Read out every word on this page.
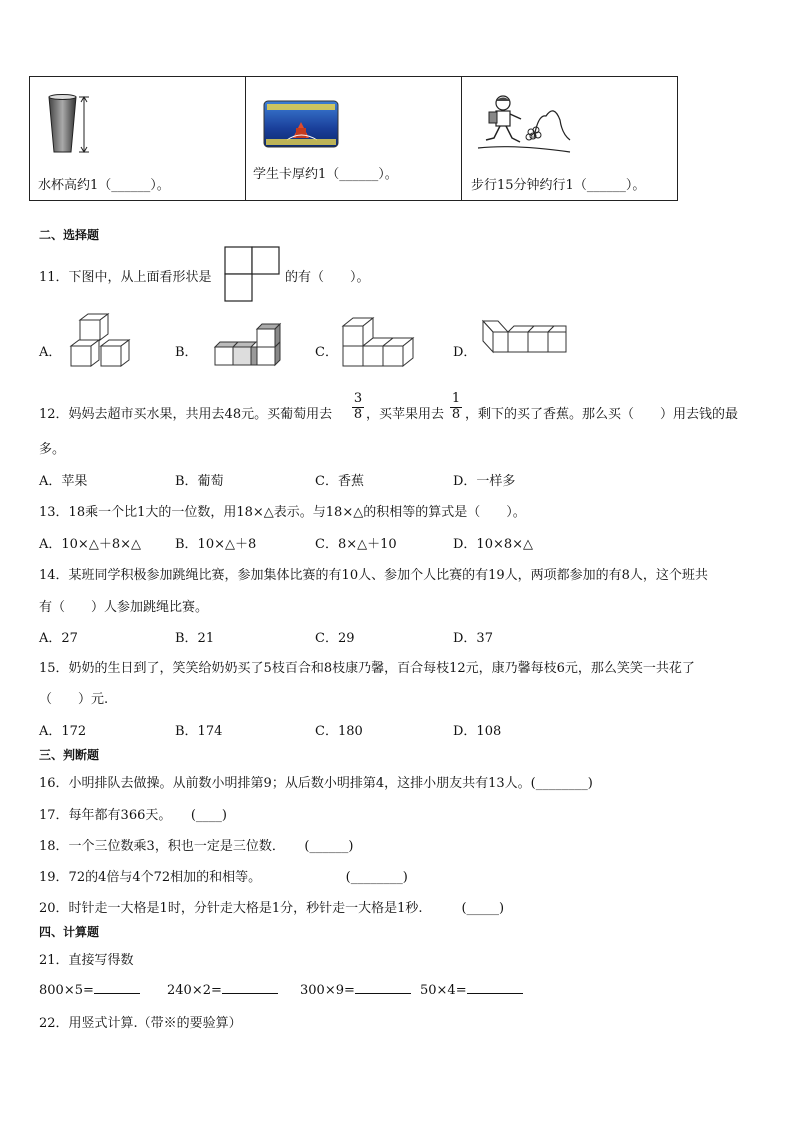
水杯高约1（______）。

学生卡厚约1（______）。

步行15分钟约行1（______）。
二、选择题
11．下图中，从上面看形状是	的有（　　）。
A．	B．	C．	D．
12．妈妈去超市买水果，共用去48元。买葡萄用去 $\frac{3}{8}$ ，买苹果用去 $\frac{1}{8}$ ，剩下的买了香蕉。那么买（　　）用去钱的最
多。
A．苹果	B．葡萄	C．香蕉	D．一样多
13．18乘一个比1大的一位数，用18×△表示。与18×△的积相等的算式是（　　）。
A．10×△＋8×△	B．10×△＋8	C．8×△＋10	D．10×8×△
14．某班同学积极参加跳绳比赛，参加集体比赛的有10人、参加个人比赛的有19人，两项都参加的有8人，这个班共
有（　　）人参加跳绳比赛。
A．27	B．21	C．29	D．37
15．奶奶的生日到了，笑笑给奶奶买了5枝百合和8枝康乃馨，百合每枝12元，康乃馨每枝6元，那么笑笑一共花了
（　　）元.
A．172	B．174	C．180	D．108
三、判断题
16．小明排队去做操。从前数小明排第9；从后数小明排第4，这排小朋友共有13人。(________)
17．每年都有366天。　　(____)
18．一个三位数乘3，积也一定是三位数．　　(______)
19．72的4倍与4个72相加的和相等。　　　　　　　(________)
20．时针走一大格是1时，分针走大格是1分，秒针走一大格是1秒.　　　(_____)
四、计算题
21．直接写得数
800×5=	240×2=	300×9=	50×4=
22．用竖式计算.（带※的要验算）
